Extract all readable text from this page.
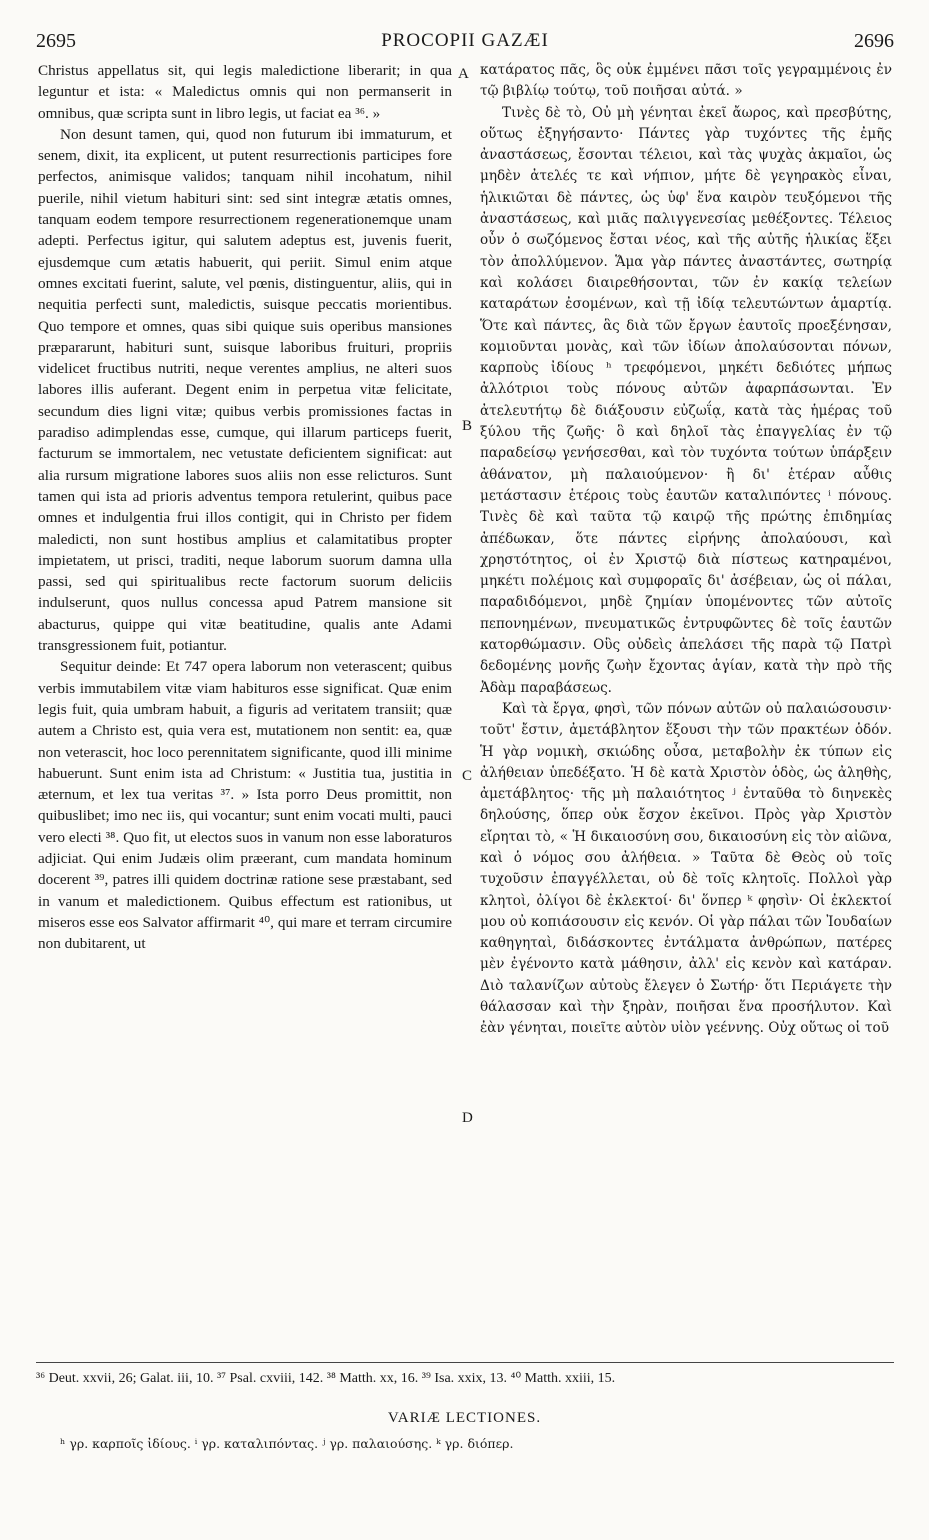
2695	PROCOPII GAZÆI	2696

Christus appellatus sit, qui legis maledictione liberarit; in qua leguntur et ista: « Maledictus omnis qui non permanserit in omnibus, quæ scripta sunt in libro legis, ut faciat ea ³⁶. »

Non desunt tamen, qui, quod non futurum ibi immaturum, et senem, dixit, ita explicent, ut putent resurrectionis participes fore perfectos, animisque validos; tanquam nihil incohatum, nihil puerile, nihil vietum habituri sint: sed sint integræ ætatis omnes, tanquam eodem tempore resurrectionem regenerationemque unam adepti. Perfectus igitur, qui salutem adeptus est, juvenis fuerit, ejusdemque cum ætatis habuerit, qui periit. Simul enim atque omnes excitati fuerint, salute, vel pœnis, distinguentur, aliis, qui in nequitia perfecti sunt, maledictis, suisque peccatis morientibus. Quo tempore et omnes, quas sibi quique suis operibus mansiones præpararunt, habituri sunt, suisque laboribus fruituri, propriis videlicet fructibus nutriti, neque verentes amplius, ne alteri suos labores illis auferant. Degent enim in perpetua vitæ felicitate, secundum dies ligni vitæ; quibus verbis promissiones factas in paradiso adimplendas esse, cumque, qui illarum particeps fuerit, facturum se immortalem, nec vetustate deficientem significat: aut alia rursum migratione labores suos aliis non esse relicturos. Sunt tamen qui ista ad prioris adventus tempora retulerint, quibus pace omnes et indulgentia frui illos contigit, qui in Christo per fidem maledicti, non sunt hostibus amplius et calamitatibus propter impietatem, ut prisci, traditi, neque laborum suorum damna ulla passi, sed qui spiritualibus recte factorum suorum deliciis indulserunt, quos nullus concessa apud Patrem mansione sit abacturus, quippe qui vitæ beatitudine, qualis ante Adami transgressionem fuit, potiantur.

Sequitur deinde: Et 747 opera laborum non veterascent; quibus verbis immutabilem vitæ viam habituros esse significat. Quæ enim legis fuit, quia umbram habuit, a figuris ad veritatem transiit; quæ autem a Christo est, quia vera est, mutationem non sentit: ea, quæ non veterascit, hoc loco perennitatem significante, quod illi minime habuerunt. Sunt enim ista ad Christum: « Justitia tua, justitia in æternum, et lex tua veritas ³⁷. » Ista porro Deus promittit, non quibuslibet; imo nec iis, qui vocantur; sunt enim vocati multi, pauci vero electi ³⁸. Quo fit, ut electos suos in vanum non esse laboraturos adjiciat. Qui enim Judæis olim præerant, cum mandata hominum docerent ³⁹, patres illi quidem doctrinæ ratione sese præstabant, sed in vanum et maledictionem. Quibus effectum est rationibus, ut miseros esse eos Salvator affirmarit ⁴⁰, qui mare et terram circumire non dubitarent, ut

κατάρατος πᾶς, ὃς οὐκ ἐμμένει πᾶσι τοῖς γεγραμμένοις ἐν τῷ βιβλίῳ τούτῳ, τοῦ ποιῆσαι αὐτά. »

Τινὲς δὲ τὸ, Οὐ μὴ γένηται ἐκεῖ ἄωρος, καὶ πρεσβύτης, οὕτως ἐξηγήσαντο· Πάντες γὰρ τυχόντες τῆς ἐμῆς ἀναστάσεως, ἔσονται τέλειοι, καὶ τὰς ψυχὰς ἀκμαῖοι, ὡς μηδὲν ἀτελές τε καὶ νήπιον, μήτε δὲ γεγηρακὸς εἶναι, ἡλικιῶται δὲ πάντες, ὡς ὑφ' ἕνα καιρὸν τευξόμενοι τῆς ἀναστάσεως, καὶ μιᾶς παλιγγενεσίας μεθέξοντες. Τέλειος οὖν ὁ σωζόμενος ἔσται νέος, καὶ τῆς αὐτῆς ἡλικίας ἕξει τὸν ἀπολλύμενον. Ἅμα γὰρ πάντες ἀναστάντες, σωτηρίᾳ καὶ κολάσει διαιρεθήσονται, τῶν ἐν κακίᾳ τελείων καταράτων ἐσομένων, καὶ τῇ ἰδίᾳ τελευτώντων ἁμαρτίᾳ. Ὅτε καὶ πάντες, ἃς διὰ τῶν ἔργων ἑαυτοῖς προεξένησαν, κομιοῦνται μονὰς, καὶ τῶν ἰδίων ἀπολαύσονται πόνων, καρποὺς ἰδίους ʰ τρεφόμενοι, μηκέτι δεδιότες μήπως ἀλλότριοι τοὺς πόνους αὐτῶν ἀφαρπάσωνται. Ἐν ἀτελευτήτῳ δὲ διάξουσιν εὐζωΐᾳ, κατὰ τὰς ἡμέρας τοῦ ξύλου τῆς ζωῆς· ὃ καὶ δηλοῖ τὰς ἐπαγγελίας ἐν τῷ παραδείσῳ γενήσεσθαι, καὶ τὸν τυχόντα τούτων ὑπάρξειν ἀθάνατον, μὴ παλαιούμενον· ἢ δι' ἑτέραν αὖθις μετάστασιν ἑτέροις τοὺς ἑαυτῶν καταλιπόντες ⁱ πόνους. Τινὲς δὲ καὶ ταῦτα τῷ καιρῷ τῆς πρώτης ἐπιδημίας ἀπέδωκαν, ὅτε πάντες εἰρήνης ἀπολαύουσι, καὶ χρηστότητος, οἱ ἐν Χριστῷ διὰ πίστεως κατηραμένοι, μηκέτι πολέμοις καὶ συμφοραῖς δι' ἀσέβειαν, ὡς οἱ πάλαι, παραδιδόμενοι, μηδὲ ζημίαν ὑπομένοντες τῶν αὐτοῖς πεπονημένων, πνευματικῶς ἐντρυφῶντες δὲ τοῖς ἑαυτῶν κατορθώμασιν. Οὓς οὐδεὶς ἀπελάσει τῆς παρὰ τῷ Πατρὶ δεδομένης μονῆς ζωὴν ἔχοντας ἁγίαν, κατὰ τὴν πρὸ τῆς Ἀδὰμ παραβάσεως.

Καὶ τὰ ἔργα, φησὶ, τῶν πόνων αὐτῶν οὐ παλαιώσουσιν· τοῦτ' ἔστιν, ἀμετάβλητον ἕξουσι τὴν τῶν πρακτέων ὁδόν. Ἡ γὰρ νομικὴ, σκιώδης οὖσα, μεταβολὴν ἐκ τύπων εἰς ἀλήθειαν ὑπεδέξατο. Ἡ δὲ κατὰ Χριστὸν ὁδὸς, ὡς ἀληθὴς, ἀμετάβλητος· τῆς μὴ παλαιότητος ʲ ἐνταῦθα τὸ διηνεκὲς δηλούσης, ὅπερ οὐκ ἔσχον ἐκεῖνοι. Πρὸς γὰρ Χριστὸν εἴρηται τὸ, « Ἡ δικαιοσύνη σου, δικαιοσύνη εἰς τὸν αἰῶνα, καὶ ὁ νόμος σου ἀλήθεια. » Ταῦτα δὲ Θεὸς οὐ τοῖς τυχοῦσιν ἐπαγγέλλεται, οὐ δὲ τοῖς κλητοῖς. Πολλοὶ γὰρ κλητοὶ, ὀλίγοι δὲ ἐκλεκτοί· δι' ὅνπερ ᵏ φησὶν· Οἱ ἐκλεκτοί μου οὐ κοπιάσουσιν εἰς κενόν. Οἱ γὰρ πάλαι τῶν Ἰουδαίων καθηγηταὶ, διδάσκοντες ἐντάλματα ἀνθρώπων, πατέρες μὲν ἐγένοντο κατὰ μάθησιν, ἀλλ' εἰς κενὸν καὶ κατάραν. Διὸ ταλανίζων αὐτοὺς ἔλεγεν ὁ Σωτήρ· ὅτι Περιάγετε τὴν θάλασσαν καὶ τὴν ξηρὰν, ποιῆσαι ἕνα προσήλυτον. Καὶ ἐὰν γένηται, ποιεῖτε αὐτὸν υἱὸν γεέννης. Οὐχ οὕτως οἱ τοῦ

A
B
C
D
³⁶ Deut. xxvii, 26; Galat. iii, 10. ³⁷ Psal. cxviii, 142. ³⁸ Matth. xx, 16. ³⁹ Isa. xxix, 13. ⁴⁰ Matth. xxiii, 15.
VARIÆ LECTIONES.
ʰ γρ. καρποῖς ἰδίους. ⁱ γρ. καταλιπόντας. ʲ γρ. παλαιούσης. ᵏ γρ. διόπερ.
